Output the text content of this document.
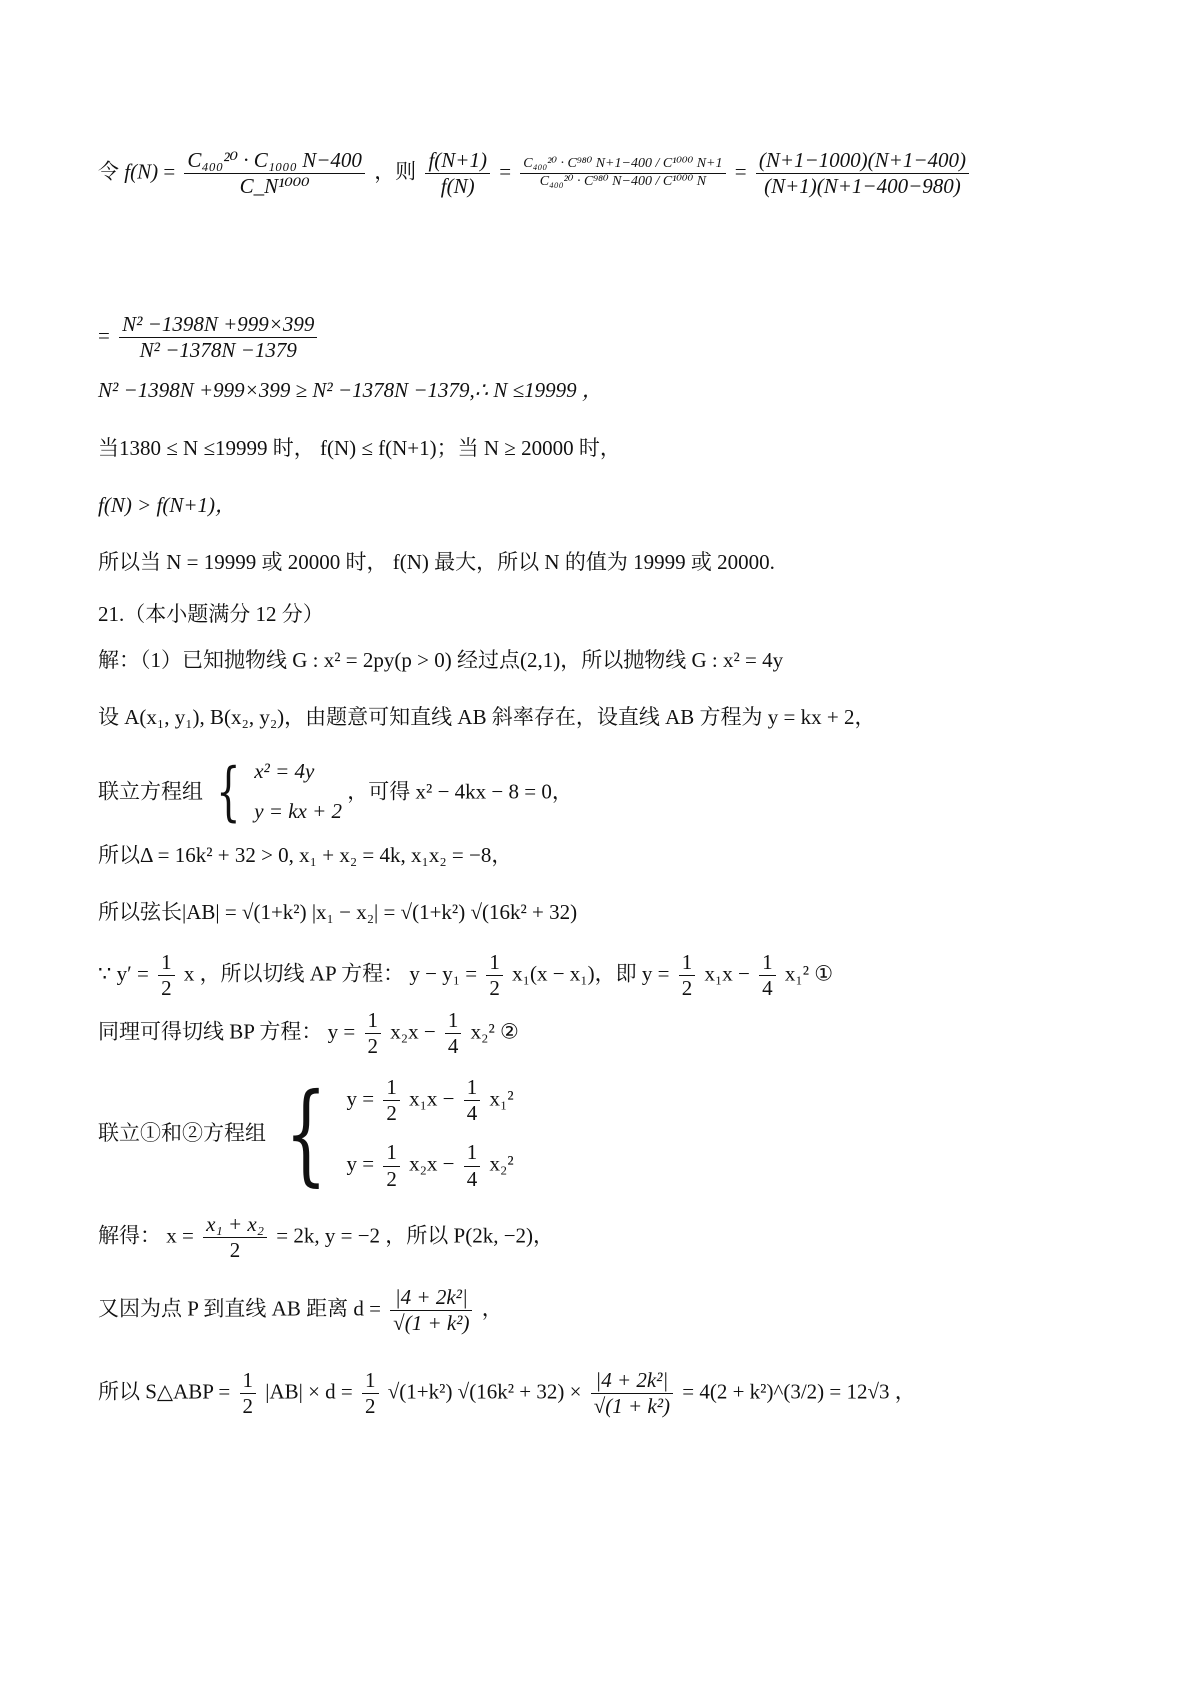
令 $f(N) = \frac{\text{C₄₀₀²⁰ · C₁₀₀₀ N−400}}{\text{C\_N¹⁰⁰⁰}}$ ，则 $\frac{f(N+1)}{f(N)} = \frac{\text{C₄₀₀²⁰ · C⁹⁸⁰ N+1−400 / C¹⁰⁰⁰ N+1}}{\text{C₄₀₀²⁰ · C⁹⁸⁰ N−400 / C¹⁰⁰⁰ N}} = \frac{(N+1-1000)(N+1-400)}{(N+1)(N+1-400-980)}$
= $\frac{\text{N² −1398N +999×399}}{\text{N² −1378N −1379}}$
N² −1398N +999×399 ≥ N² −1378N −1379,∴ N ≤19999 ，
当1380 ≤ N ≤19999 时， f(N) ≤ f(N+1)；当 N ≥ 20000 时，
f(N) > f(N+1)，
所以当 N = 19999 或 20000 时， f(N) 最大，所以 N 的值为 19999 或 20000.
21.（本小题满分 12 分）
解：（1）已知抛物线 G : x² = 2py(p > 0) 经过点(2,1)，所以抛物线 G : x² = 4y
设 A(x₁, y₁), B(x₂, y₂)，由题意可知直线 AB 斜率存在，设直线 AB 方程为 y = kx + 2，
联立方程组 { x² = 4y
y = kx + 2
，可得 x² − 4kx − 8 = 0，
所以Δ = 16k² + 32 > 0, x₁ + x₂ = 4k, x₁x₂ = −8，
所以弦长|AB| = √(1+k²) |x₁ − x₂| = √(1+k²) √(16k² + 32)
∵ $y' = \frac{1}{2}$ x ，所以切线 AP 方程： $y - y_1 = \frac{1}{2} x_1(x - x_1)$，即 $y = \frac{1}{2} x_1x - \frac{1}{4} x_1^2$ ①
同理可得切线 BP 方程： $y = \frac{1}{2} x_2x - \frac{1}{4} x_2^2$ ②
联立①和②方程组 { $y = \frac{1}{2} x_1x - \frac{1}{4} x_1^2$
$y = \frac{1}{2} x_2x - \frac{1}{4} x_2^2$
解得： $x = \frac{\text{x₁ + x₂}}{2} = 2k$, y = −2 ，所以 P(2k, −2)，
又因为点 P 到直线 AB 距离 $d = \frac{\text{|4 + 2k²|}}{\text{√(1 + k²)}}$ ，
所以 S△ABP = $\frac{1}{2} |AB| \times d = \frac{1}{2} √(1+k^2) √(16k^2 + 32) \times \frac{\text{|4 + 2k²|}}{\text{√(1 + k²)}} = 4(2$ + k²)^(3/2) = 12√3 ，
